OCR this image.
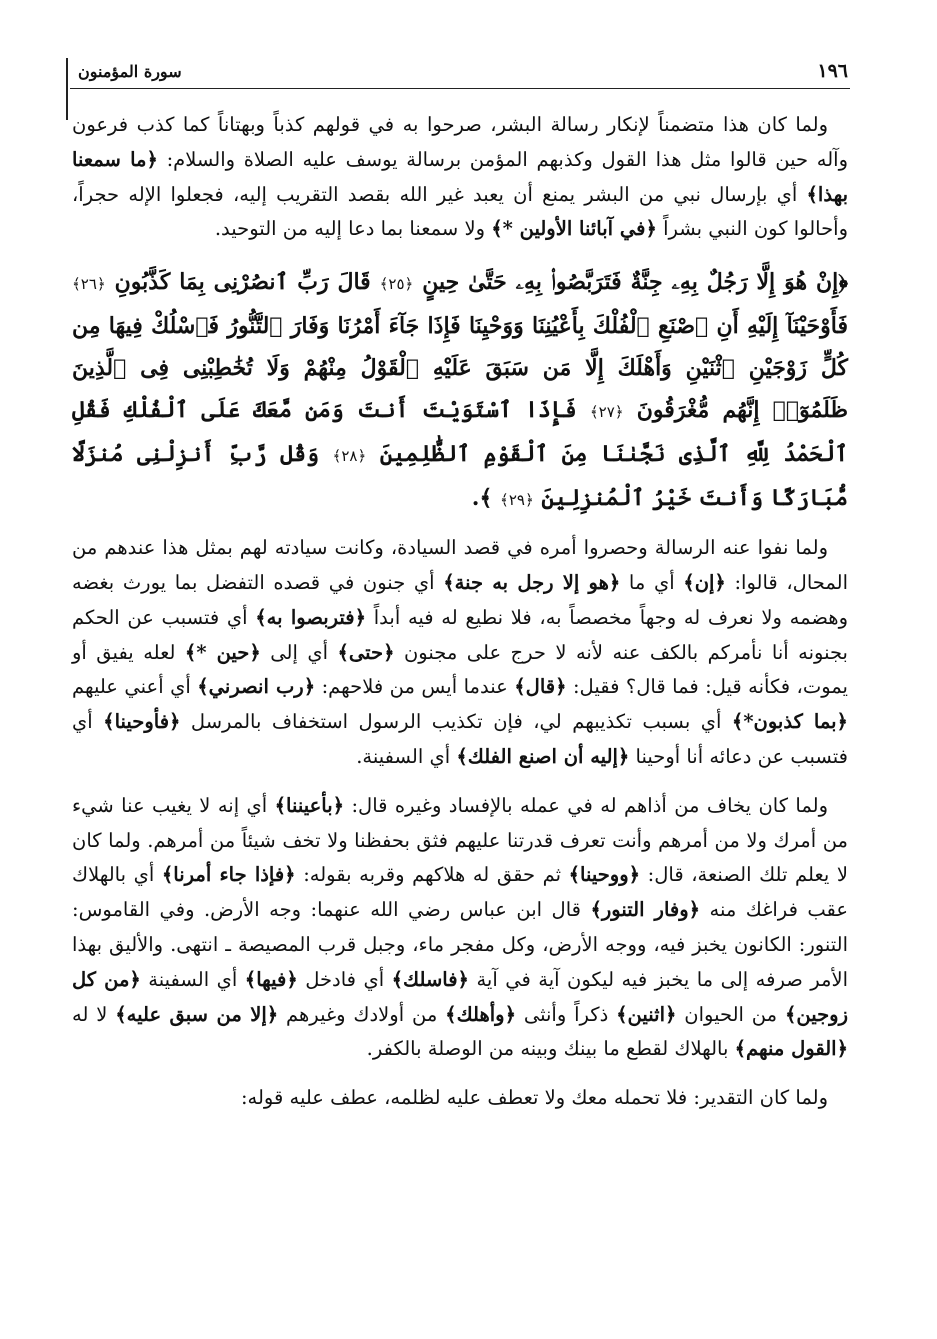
١٩٦
سورة المؤمنون

ولما كان هذا متضمناً لإنكار رسالة البشر، صرحوا به في قولهم كذباً وبهتاناً كما كذب فرعون وآله حين قالوا مثل هذا القول وكذبهم المؤمن برسالة يوسف عليه الصلاة والسلام: ﴿ما سمعنا بهذا﴾ أي بإرسال نبي من البشر يمنع أن يعبد غير الله بقصد التقريب إليه، فجعلوا الإله حجراً، وأحالوا كون النبي بشراً ﴿في آبائنا الأولين *﴾ ولا سمعنا بما دعا إليه من التوحيد.

﴿إِنْ هُوَ إِلَّا رَجُلٌ بِهِۦ جِنَّةٌ فَتَرَبَّصُوا۟ بِهِۦ حَتَّىٰ حِينٍ ﴿٢٥﴾ قَالَ رَبِّ ٱنصُرْنِى بِمَا كَذَّبُونِ ﴿٢٦﴾ فَأَوْحَيْنَآ إِلَيْهِ أَنِ ٱصْنَعِ ٱلْفُلْكَ بِأَعْيُنِنَا وَوَحْيِنَا فَإِذَا جَآءَ أَمْرُنَا وَفَارَ ٱلتَّنُّورُ فَٱسْلُكْ فِيهَا مِن كُلٍّ زَوْجَيْنِ ٱثْنَيْنِ وَأَهْلَكَ إِلَّا مَن سَبَقَ عَلَيْهِ ٱلْقَوْلُ مِنْهُمْ وَلَا تُخَٰطِبْنِى فِى ٱلَّذِينَ ظَلَمُوٓا۟ إِنَّهُم مُّغْرَقُونَ ﴿٢٧﴾ فَإِذَا ٱسْتَوَيْتَ أَنتَ وَمَن مَّعَكَ عَلَى ٱلْفُلْكِ فَقُلِ ٱلْحَمْدُ لِلَّهِ ٱلَّذِى نَجَّىٰنَا مِنَ ٱلْقَوْمِ ٱلظَّٰلِمِينَ ﴿٢٨﴾ وَقُل رَّبِّ أَنزِلْنِى مُنزَلًا مُّبَارَكًا وَأَنتَ خَيْرُ ٱلْمُنزِلِينَ ﴿٢٩﴾ ﴾.

ولما نفوا عنه الرسالة وحصروا أمره في قصد السيادة، وكانت سيادته لهم بمثل هذا عندهم من المحال، قالوا: ﴿إن﴾ أي ما ﴿هو إلا رجل به جنة﴾ أي جنون في قصده التفضل بما يورث بغضه وهضمه ولا نعرف له وجهاً مخصصاً به، فلا نطيع له فيه أبداً ﴿فتربصوا به﴾ أي فتسبب عن الحكم بجنونه أنا نأمركم بالكف عنه لأنه لا حرج على مجنون ﴿حتى﴾ أي إلى ﴿حين *﴾ لعله يفيق أو يموت، فكأنه قيل: فما قال؟ فقيل: ﴿قال﴾ عندما أيس من فلاحهم: ﴿رب انصرني﴾ أي أعني عليهم ﴿بما كذبون*﴾ أي بسبب تكذيبهم لي، فإن تكذيب الرسول استخفاف بالمرسل ﴿فأوحينا﴾ أي فتسبب عن دعائه أنا أوحينا ﴿إليه أن اصنع الفلك﴾ أي السفينة.

ولما كان يخاف من أذاهم له في عمله بالإفساد وغيره قال: ﴿بأعيننا﴾ أي إنه لا يغيب عنا شيء من أمرك ولا من أمرهم وأنت تعرف قدرتنا عليهم فثق بحفظنا ولا تخف شيئاً من أمرهم. ولما كان لا يعلم تلك الصنعة، قال: ﴿ووحينا﴾ ثم حقق له هلاكهم وقربه بقوله: ﴿فإذا جاء أمرنا﴾ أي بالهلاك عقب فراغك منه ﴿وفار التنور﴾ قال ابن عباس رضي الله عنهما: وجه الأرض. وفي القاموس: التنور: الكانون يخبز فيه، ووجه الأرض، وكل مفجر ماء، وجبل قرب المصيصة ـ انتهى. والأليق بهذا الأمر صرفه إلى ما يخبز فيه ليكون آية في آية ﴿فاسلك﴾ أي فادخل ﴿فيها﴾ أي السفينة ﴿من كل زوجين﴾ من الحيوان ﴿اثنين﴾ ذكراً وأنثى ﴿وأهلك﴾ من أولادك وغيرهم ﴿إلا من سبق عليه﴾ لا له ﴿القول منهم﴾ بالهلاك لقطع ما بينك وبينه من الوصلة بالكفر.

ولما كان التقدير: فلا تحمله معك ولا تعطف عليه لظلمه، عطف عليه قوله:
